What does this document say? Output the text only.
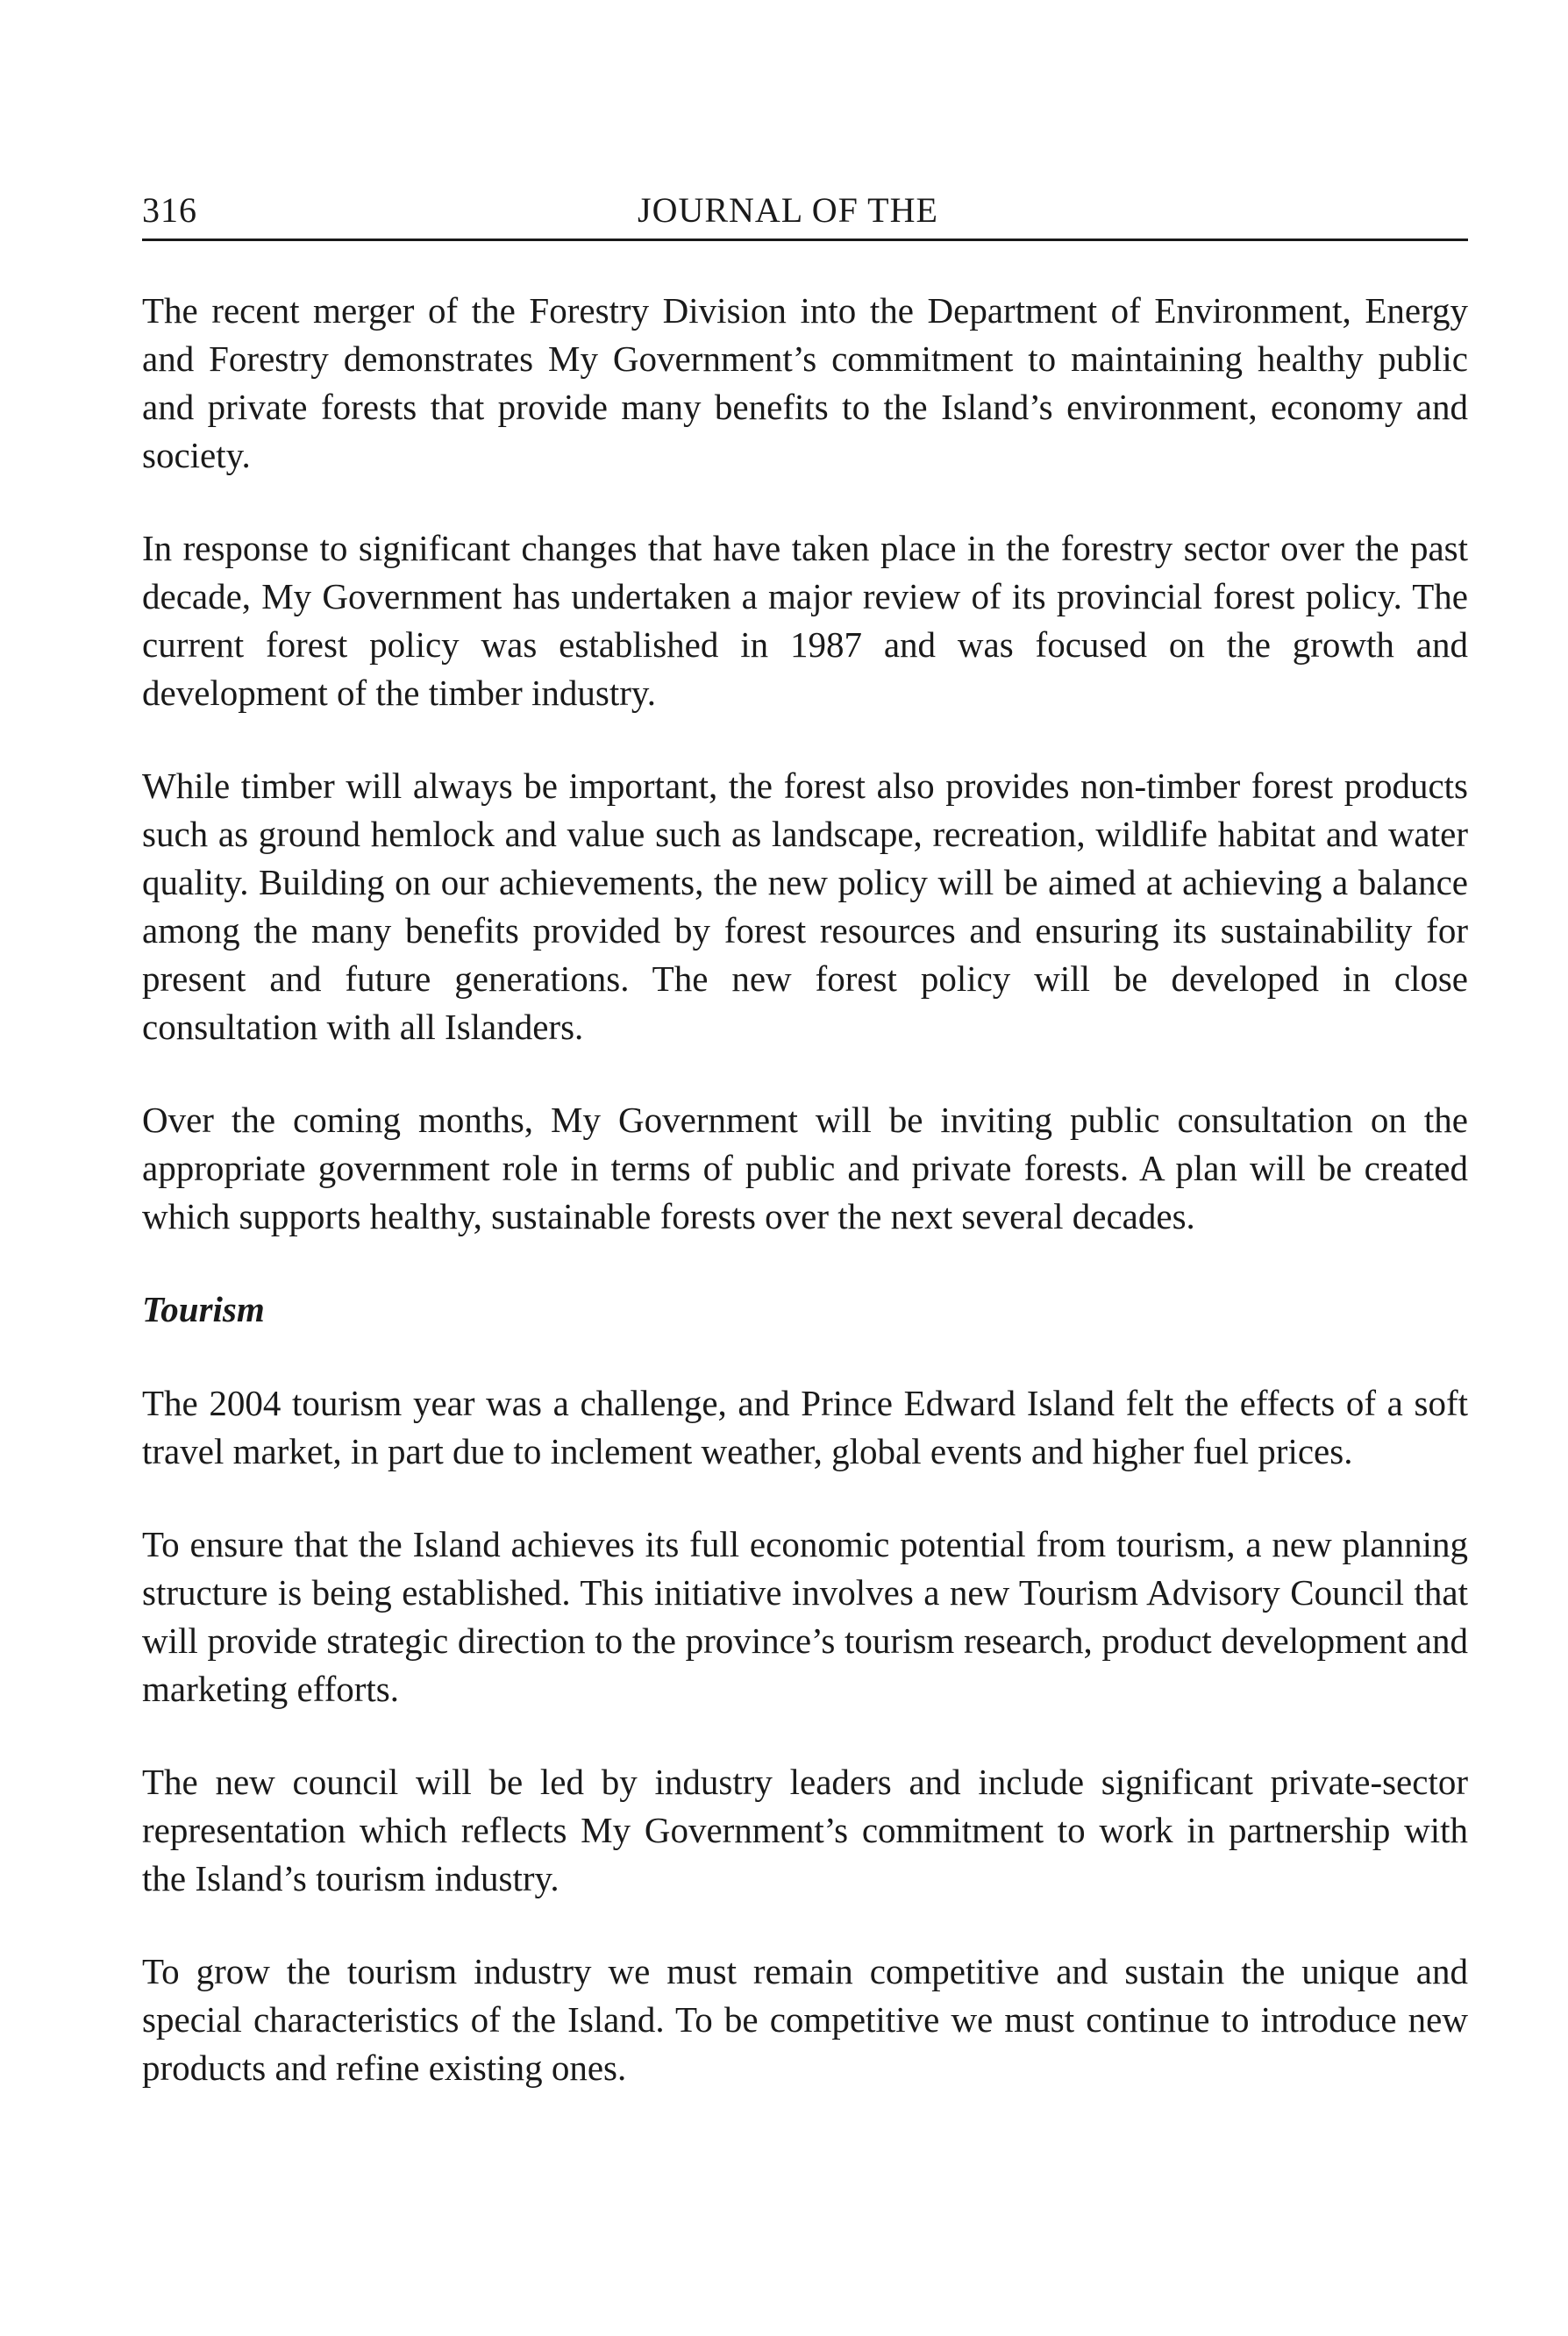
316	JOURNAL OF THE

The recent merger of the Forestry Division into the Department of Environment, Energy and Forestry demonstrates My Government’s commitment to maintaining healthy public and private forests that provide many benefits to the Island’s environment, economy and society.

In response to significant changes that have taken place in the forestry sector over the past decade, My Government has undertaken a major review of its provincial forest policy. The current forest policy was established in 1987 and was focused on the growth and development of the timber industry.

While timber will always be important, the forest also provides non-timber forest products such as ground hemlock and value such as landscape, recreation, wildlife habitat and water quality. Building on our achievements, the new policy will be aimed at achieving a balance among the many benefits provided by forest resources and ensuring its sustainability for present and future generations. The new forest policy will be developed in close consultation with all Islanders.

Over the coming months, My Government will be inviting public consultation on the appropriate government role in terms of public and private forests. A plan will be created which supports healthy, sustainable forests over the next several decades.

Tourism

The 2004 tourism year was a challenge, and Prince Edward Island felt the effects of a soft travel market, in part due to inclement weather, global events and higher fuel prices.

To ensure that the Island achieves its full economic potential from tourism, a new planning structure is being established. This initiative involves a new Tourism Advisory Council that will provide strategic direction to the province’s tourism research, product development and marketing efforts.

The new council will be led by industry leaders and include significant private-sector representation which reflects My Government’s commitment to work in partnership with the Island’s tourism industry.

To grow the tourism industry we must remain competitive and sustain the unique and special characteristics of the Island. To be competitive we must continue to introduce new products and refine existing ones.
